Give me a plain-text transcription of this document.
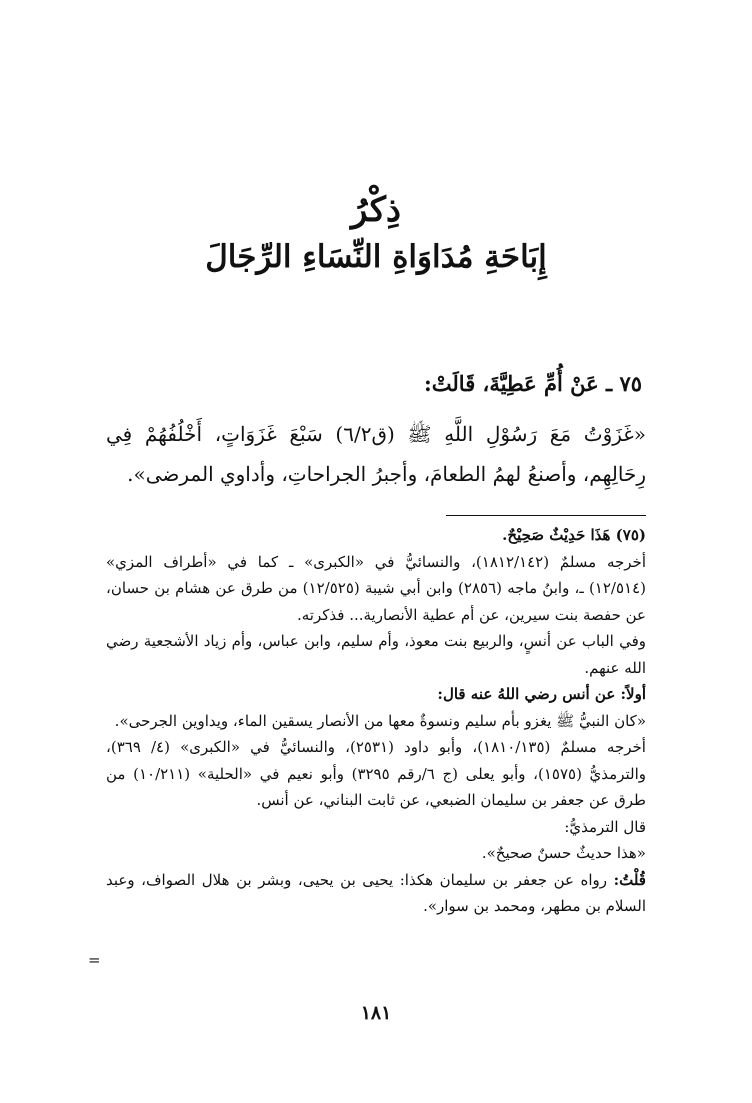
ذِكْرُ
إِبَاحَةِ مُدَاوَاةِ النِّسَاءِ الرِّجَالَ
٧٥ ـ عَنْ أُمِّ عَطِيَّةَ، قَالَتْ:
«غَزَوْتُ مَعَ رَسُوْلِ اللَّهِ ﷺ (ق٦/٢) سَبْعَ غَزَوَاتٍ، أَخْلُفُهُمْ فِي رِحَالِهِم، وأصنعُ لهمُ الطعامَ، وأجبرُ الجراحاتِ، وأداوي المرضى».

(٧٥) هَذَا حَدِيْثٌ صَحِيْحٌ.

أخرجه مسلمٌ (١٨١٢/١٤٢)، والنسائيُّ في «الكبرى» ـ كما في «أطراف المزي» (١٢/٥١٤) ـ، وابنُ ماجه (٢٨٥٦) وابن أبي شيبة (١٢/٥٢٥) من طرق عن هشام بن حسان، عن حفصة بنت سيرين، عن أم عطية الأنصارية... فذكرته.

وفي الباب عن أنسٍ، والربيع بنت معوذ، وأم سليم، وابن عباس، وأم زياد الأشجعية رضي الله عنهم.

أولاً: عن أنس رضي اللهُ عنه قال:

«كان النبيُّ ﷺ يغزو بأم سليم ونسوةٌ معها من الأنصار يسقين الماء، ويداوين الجرحى».

أخرجه مسلمٌ (١٨١٠/١٣٥)، وأبو داود (٢٥٣١)، والنسائيُّ في «الكبرى» (٤/ ٣٦٩)، والترمذيُّ (١٥٧٥)، وأبو يعلى (ج ٦/رقم ٣٢٩٥) وأبو نعيم في «الحلية» (١٠/٢١١) من طرق عن جعفر بن سليمان الضبعي، عن ثابت البناني، عن أنس.

قال الترمذيُّ:

«هذا حديثٌ حسنٌ صحيحٌ».

قُلْتُ: رواه عن جعفر بن سليمان هكذا: يحيى بن يحيى، وبشر بن هلال الصواف، وعبد السلام بن مطهر، ومحمد بن سوار».

=
١٨١
